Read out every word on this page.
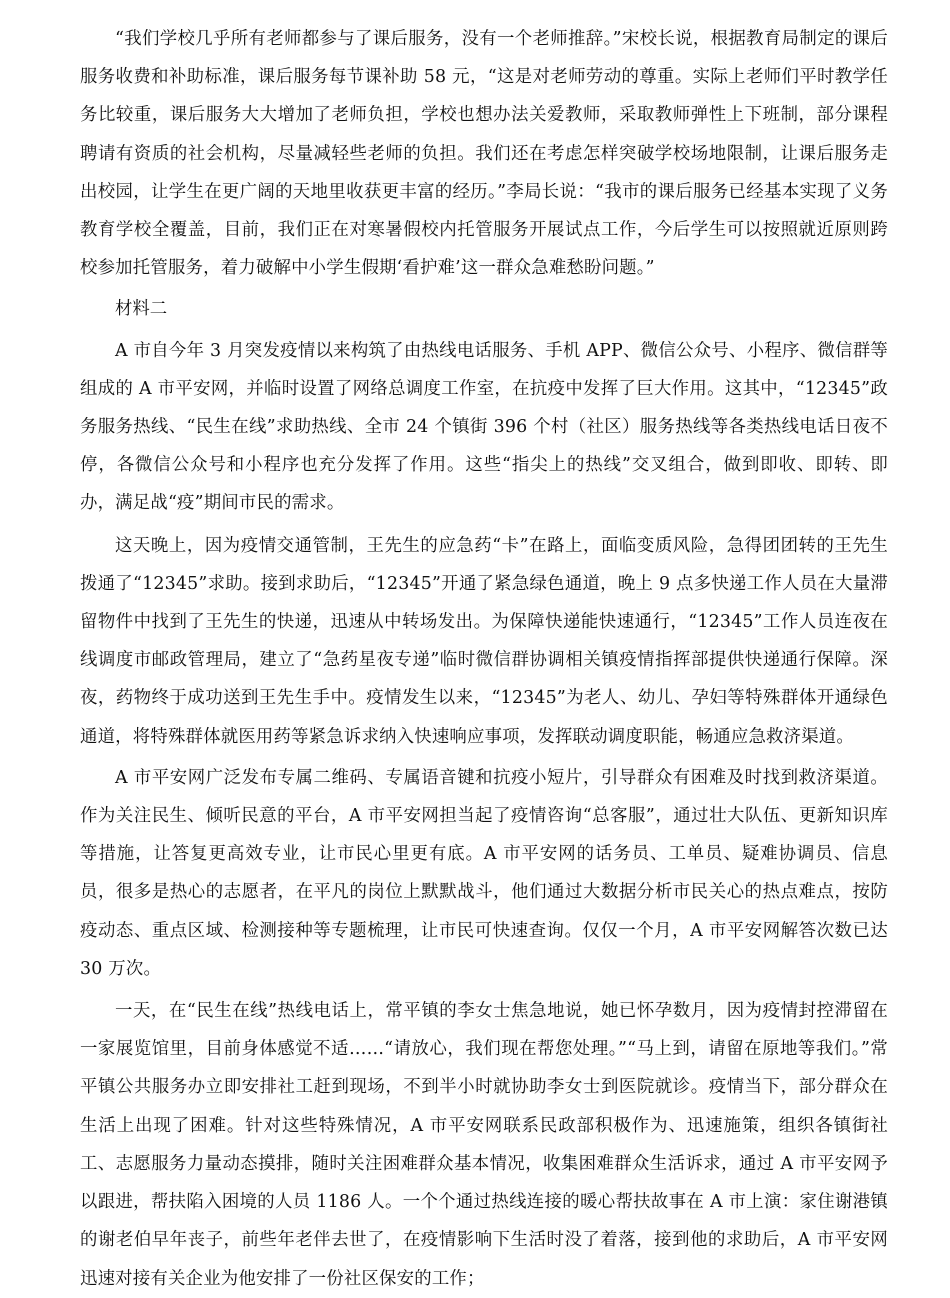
“我们学校几乎所有老师都参与了课后服务，没有一个老师推辞。”宋校长说，根据教育局制定的课后服务收费和补助标准，课后服务每节课补助 58 元，“这是对老师劳动的尊重。实际上老师们平时教学任务比较重，课后服务大大增加了老师负担，学校也想办法关爱教师，采取教师弹性上下班制，部分课程聘请有资质的社会机构，尽量减轻些老师的负担。我们还在考虑怎样突破学校场地限制，让课后服务走出校园，让学生在更广阔的天地里收获更丰富的经历。”李局长说：“我市的课后服务已经基本实现了义务教育学校全覆盖，目前，我们正在对寒暑假校内托管服务开展试点工作，今后学生可以按照就近原则跨校参加托管服务，着力破解中小学生假期‘看护难’这一群众急难愁盼问题。”

材料二

A 市自今年 3 月突发疫情以来构筑了由热线电话服务、手机 APP、微信公众号、小程序、微信群等组成的 A 市平安网，并临时设置了网络总调度工作室，在抗疫中发挥了巨大作用。这其中，“12345”政务服务热线、“民生在线”求助热线、全市 24 个镇街 396 个村（社区）服务热线等各类热线电话日夜不停，各微信公众号和小程序也充分发挥了作用。这些“指尖上的热线”交叉组合，做到即收、即转、即办，满足战“疫”期间市民的需求。

这天晚上，因为疫情交通管制，王先生的应急药“卡”在路上，面临变质风险，急得团团转的王先生拨通了“12345”求助。接到求助后，“12345”开通了紧急绿色通道，晚上 9 点多快递工作人员在大量滞留物件中找到了王先生的快递，迅速从中转场发出。为保障快递能快速通行，“12345”工作人员连夜在线调度市邮政管理局，建立了“急药星夜专递”临时微信群协调相关镇疫情指挥部提供快递通行保障。深夜，药物终于成功送到王先生手中。疫情发生以来，“12345”为老人、幼儿、孕妇等特殊群体开通绿色通道，将特殊群体就医用药等紧急诉求纳入快速响应事项，发挥联动调度职能，畅通应急救济渠道。

A 市平安网广泛发布专属二维码、专属语音键和抗疫小短片，引导群众有困难及时找到救济渠道。作为关注民生、倾听民意的平台，A 市平安网担当起了疫情咨询“总客服”，通过壮大队伍、更新知识库等措施，让答复更高效专业，让市民心里更有底。A 市平安网的话务员、工单员、疑难协调员、信息员，很多是热心的志愿者，在平凡的岗位上默默战斗，他们通过大数据分析市民关心的热点难点，按防疫动态、重点区域、检测接种等专题梳理，让市民可快速查询。仅仅一个月，A 市平安网解答次数已达 30 万次。

一天，在“民生在线”热线电话上，常平镇的李女士焦急地说，她已怀孕数月，因为疫情封控滞留在一家展览馆里，目前身体感觉不适……“请放心，我们现在帮您处理。”“马上到，请留在原地等我们。”常平镇公共服务办立即安排社工赶到现场，不到半小时就协助李女士到医院就诊。疫情当下，部分群众在生活上出现了困难。针对这些特殊情况，A 市平安网联系民政部积极作为、迅速施策，组织各镇街社工、志愿服务力量动态摸排，随时关注困难群众基本情况，收集困难群众生活诉求，通过 A 市平安网予以跟进，帮扶陷入困境的人员 1186 人。一个个通过热线连接的暖心帮扶故事在 A 市上演：家住谢港镇的谢老伯早年丧子，前些年老伴去世了，在疫情影响下生活时没了着落，接到他的求助后，A 市平安网迅速对接有关企业为他安排了一份社区保安的工作；
